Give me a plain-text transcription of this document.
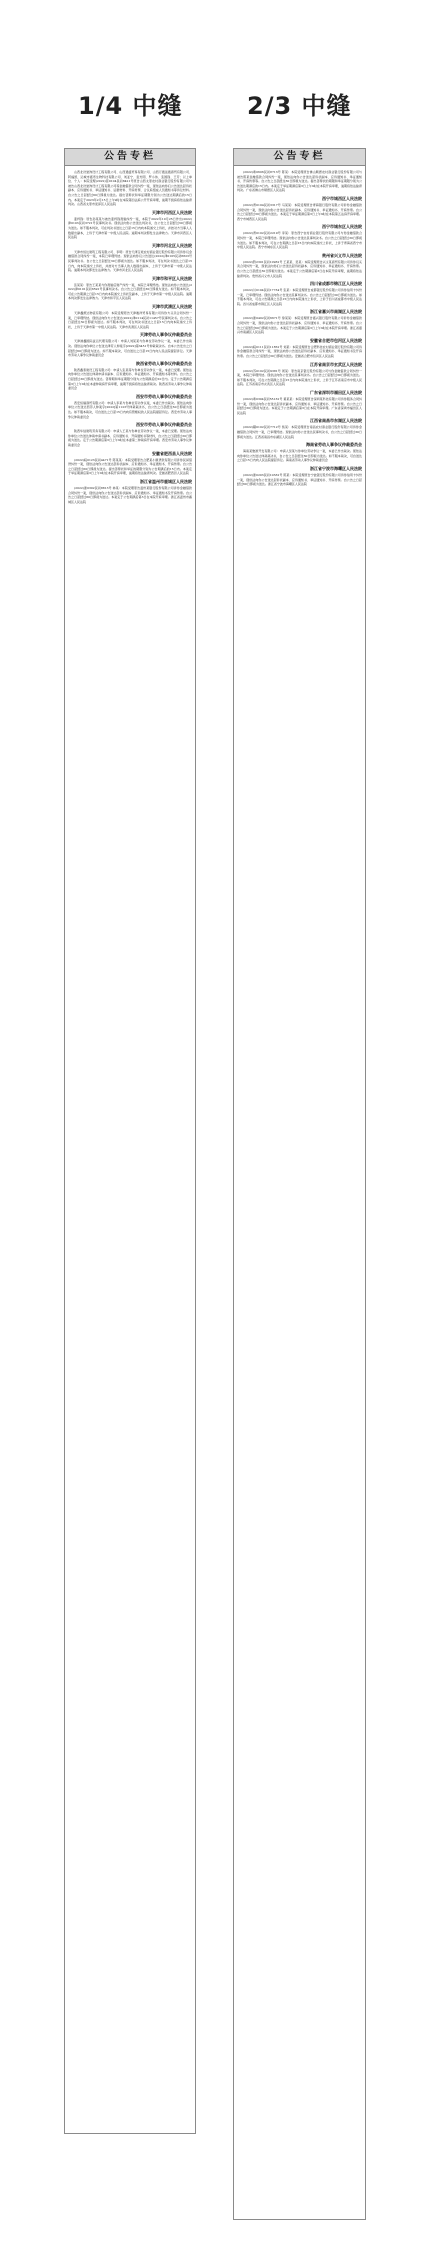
1/4 中缝	2/3 中缝
公告专栏
山西北汾装饰设计工程有限公司、山西通盛贸易有限公司、山西万通远通商贸有限公司、阿福凯、运城市嘉奇生物科技有限公司、刘亚宁、袁光明、罗小伟、张国锋、王芳；以上单位、个人：本院受理(2022)晋0104民初8421号原告山西太原农村商业银行股份有限公司与被告山西北汾装饰设计工程有限公司等金融借款合同纠纷一案，现依法向你们公告送达起诉状副本、应诉通知书、举证通知书、证据材料、开庭传票、合议庭组成人员通知书等诉讼材料。自公告之日起经过60日即视为送达。提出答辩状和举证期限分别为公告送达期满后的15日内。本案定于2023年2月15日上午9时在本院第四法庭公开开庭审理，逾期不到庭将依法缺席判决。山西省太原市迎泽区人民法院
天津市河西区人民法院
姜梓锋：原告孙某某与被告姜梓锋离婚纠纷一案，本院于2022年10月25日作出(2022)津0103民初3721号民事判决书。现依法向你公告送达判决书，自公告之日起经过30日即视为送达。如不服本判决，可在判决书送达之日起15日内向本院递交上诉状，并按对方当事人人数提出副本，上诉于天津市第一中级人民法院。逾期本判决即发生法律效力。天津市河西区人民法院
天津市河北区人民法院
天津市恒达建筑工程有限公司、李明：原告天津宝坻农村商业银行股份有限公司诉你们金融借款合同纠纷一案，本院已审理终结。现依法向你们公告送达(2022)津0105民初8823号民事判决书。自公告之日起经过30日即视为送达。如不服本判决，可在判决书送达之日起15日内，向本院递交上诉状，并按对方当事人的人数提出副本，上诉于天津市第一中级人民法院。逾期本判决即发生法律效力。天津市河北区人民法院
天津市和平区人民法院
张某某：原告王某某与你离婚后财产纠纷一案，本院已审理终结。现依法向你公告送达(2022)津0101民初6591号民事判决书。自公告之日起经过30日即视为送达。如不服本判决，可在公告期满之日起15日内向本院递交上诉状及副本，上诉于天津市第一中级人民法院。逾期本判决即发生法律效力。天津市和平区人民法院
天津市武清区人民法院
天津鑫源达物流有限公司：本院受理原告天津骏祥贸易有限公司诉你方买卖合同纠纷一案，已审理终结。现依法向你方公告送达(2022)津0114民初11457号民事判决书。自公告之日起经过30日即视为送达。如不服本判决，可在判决书送达之日起15日内向本院递交上诉状，上诉于天津市第一中级人民法院。天津市武清区人民法院
天津劳动人事争议仲裁委员会
天津港鑫国际货运代理有限公司：申请人刘某某与你单位劳动争议一案，本委已作出裁决。现依法向你单位公告送达津劳人仲案字[2022]第3451号仲裁裁决书。自本公告发出之日起经过60日即视为送达。如不服本裁决，可自送达之日起15日内向人民法院提起诉讼。天津市劳动人事争议仲裁委员会
陕西省劳动人事争议仲裁委员会
陕西鑫泰建设工程有限公司：申请人张某等与你单位劳动争议一案，本委已受理。现依法向你单位公告送达仲裁申请书副本、应诉通知书、举证通知书、开庭通知书等材料。自公告之日起经过30日即视为送达。答辩期和举证期限分别为公告期满后的10日内。定于公告期满后第3日上午9时在本委仲裁庭开庭审理，逾期不到庭将依法缺席裁决。陕西省劳动人事争议仲裁委员会
西安市劳动人事争议仲裁委员会
西安恒瑞商贸有限公司：申请人李某与你单位劳动争议案，本委已作出裁决。现依法向你单位公告送达西劳人仲案字[2022]第1123号仲裁裁决书，自公告之日起经过60日即视为送达。如不服本裁决，可自送达之日起15日内向有管辖权的人民法院提起诉讼。西安市劳动人事争议仲裁委员会
西安市劳动人事争议仲裁委员会
陕西华信建筑劳务有限公司：申请人王某与你单位劳动争议一案，本委已受理。现依法向你单位公告送达仲裁申请书副本、应诉通知书、开庭通知书等材料，自公告之日起经过30日即视为送达。定于公告期满后第3日上午9时在本委第二仲裁庭开庭审理。西安市劳动人事争议仲裁委员会
安徽省肥西县人民法院
(2022)皖0123民初4471号 陈某某：本院受理原告合肥某小额贷款有限公司诉你民间借贷纠纷一案，现依法向你公告送达起诉状副本、应诉通知书、举证通知书、开庭传票。自公告之日起经过60日即视为送达。提出答辩状和举证的期限分别为公告期满后的15日内。本案定于举证期满后第3日上午9时在本院开庭审理，逾期将依法缺席判决。安徽省肥西县人民法院
浙江省温州市鹿城区人民法院
(2022)浙0302民初8813号 林某：本院受理原告温州某银行股份有限公司诉你金融借款合同纠纷一案，现依法向你公告送达起诉状副本、应诉通知书、举证通知书及开庭传票。自公告之日起经过60日即视为送达。本案定于公告期满后第3日在本院开庭审理。浙江省温州市鹿城区人民法院
公告专栏
(2022)粤0606民初8713号 陈某：本院受理原告佛山顺德农村商业银行股份有限公司与被告陈某金融借款合同纠纷一案，现依法向你公告送达起诉状副本、应诉通知书、举证通知书、开庭传票等。自公告之日起经过30日即视为送达。提出答辩状的期限和举证期限分别为公告送达期满后的15日内。本案定于举证期满后第3日上午9时在本院开庭审理，逾期将依法缺席判决。广东省佛山市顺德区人民法院
西宁市城西区人民法院
(2022)青0104民初3317号 马某某：本院受理原告青海银行股份有限公司诉你金融借款合同纠纷一案，现依法向你公告送达起诉状副本、应诉通知书、举证通知书、开庭传票。自公告之日起经过30日即视为送达。本案定于举证期满后第3日上午9时在本院第五法庭开庭审理。西宁市城西区人民法院
西宁市城东区人民法院
(2022)青0102民初2219号 李某：原告西宁农村商业银行股份有限公司与你金融借款合同纠纷一案，本院已审理终结。现依法向你公告送达民事判决书。自公告之日起经过30日即视为送达。如不服本判决，可在公告期满之日起15日内向本院递交上诉状，上诉于青海省西宁市中级人民法院。西宁市城东区人民法院
贵州省兴义市人民法院
(2022)黔2301民初10932号 王某某、吴某：本院受理原告兴义某商贸有限公司诉你们买卖合同纠纷一案，现依法向你们公告送达起诉状副本、应诉通知书、举证通知书、开庭传票。自公告之日起经过30日即视为送达。本案定于公告期满后第3日在本院开庭审理，逾期将依法缺席判决。贵州省兴义市人民法院
四川省成都市锦江区人民法院
(2022)川0104民初17734号 张某：本院受理原告成都银行股份有限公司诉你信用卡纠纷一案，已审理终结。现依法向你公告送达民事判决书。自公告之日起经过30日即视为送达。如不服本判决，可在公告期满之日起15日内向本院递交上诉状，上诉于四川省成都市中级人民法院。四川省成都市锦江区人民法院
浙江省嘉兴市南湖区人民法院
(2022)浙0402民初6671号 徐某某：本院受理原告嘉兴银行股份有限公司诉你金融借款合同纠纷一案，现依法向你公告送达起诉状副本、应诉通知书、举证通知书、开庭传票。自公告之日起经过60日即视为送达。本案定于公告期满后第3日上午9时在本院开庭审理。浙江省嘉兴市南湖区人民法院
安徽省合肥市包河区人民法院
(2022)皖0111民初11852号 刘某：本院受理原告合肥科技农村商业银行股份有限公司诉你金融借款合同纠纷一案，现依法向你公告送达起诉状副本、应诉通知书、举证通知书及开庭传票。自公告之日起经过30日即视为送达。安徽省合肥市包河区人民法院
江苏省南京市玄武区人民法院
(2022)苏0102民初9381号 周某：原告南京银行股份有限公司与你金融借款合同纠纷一案，本院已审理终结。现依法向你公告送达民事判决书。自公告之日起经过30日即视为送达。如不服本判决，可在公告期满之日起15日内向本院递交上诉状，上诉于江苏省南京市中级人民法院。江苏省南京市玄武区人民法院
广东省深圳市福田区人民法院
(2022)粤0304民初55132号 黄某某：本院受理原告深圳某科技有限公司诉你服务合同纠纷一案，现依法向你公告送达起诉状副本、应诉通知书、举证通知书、开庭传票。自公告之日起经过30日即视为送达。本案定于公告期满后第3日在本院开庭审理。广东省深圳市福田区人民法院
江西省南昌市东湖区人民法院
(2022)赣0102民初7712号 熊某：本院受理原告南昌农村商业银行股份有限公司诉你金融借款合同纠纷一案，已审理终结。现依法向你公告送达民事判决书，自公告之日起经过30日即视为送达。江西省南昌市东湖区人民法院
海南省劳动人事争议仲裁委员会
海南某旅游开发有限公司：申请人吴某与你单位劳动争议一案，本委已作出裁决。现依法向你单位公告送达仲裁裁决书，自公告之日起经过60日即视为送达。如不服本裁决，可自送达之日起15日内向人民法院提起诉讼。海南省劳动人事争议仲裁委员会
浙江省宁波市海曙区人民法院
(2022)浙0203民初10332号 陈某：本院受理原告宁波银行股份有限公司诉你信用卡纠纷一案，现依法向你公告送达起诉状副本、应诉通知书、举证通知书、开庭传票。自公告之日起经过60日即视为送达。浙江省宁波市海曙区人民法院
